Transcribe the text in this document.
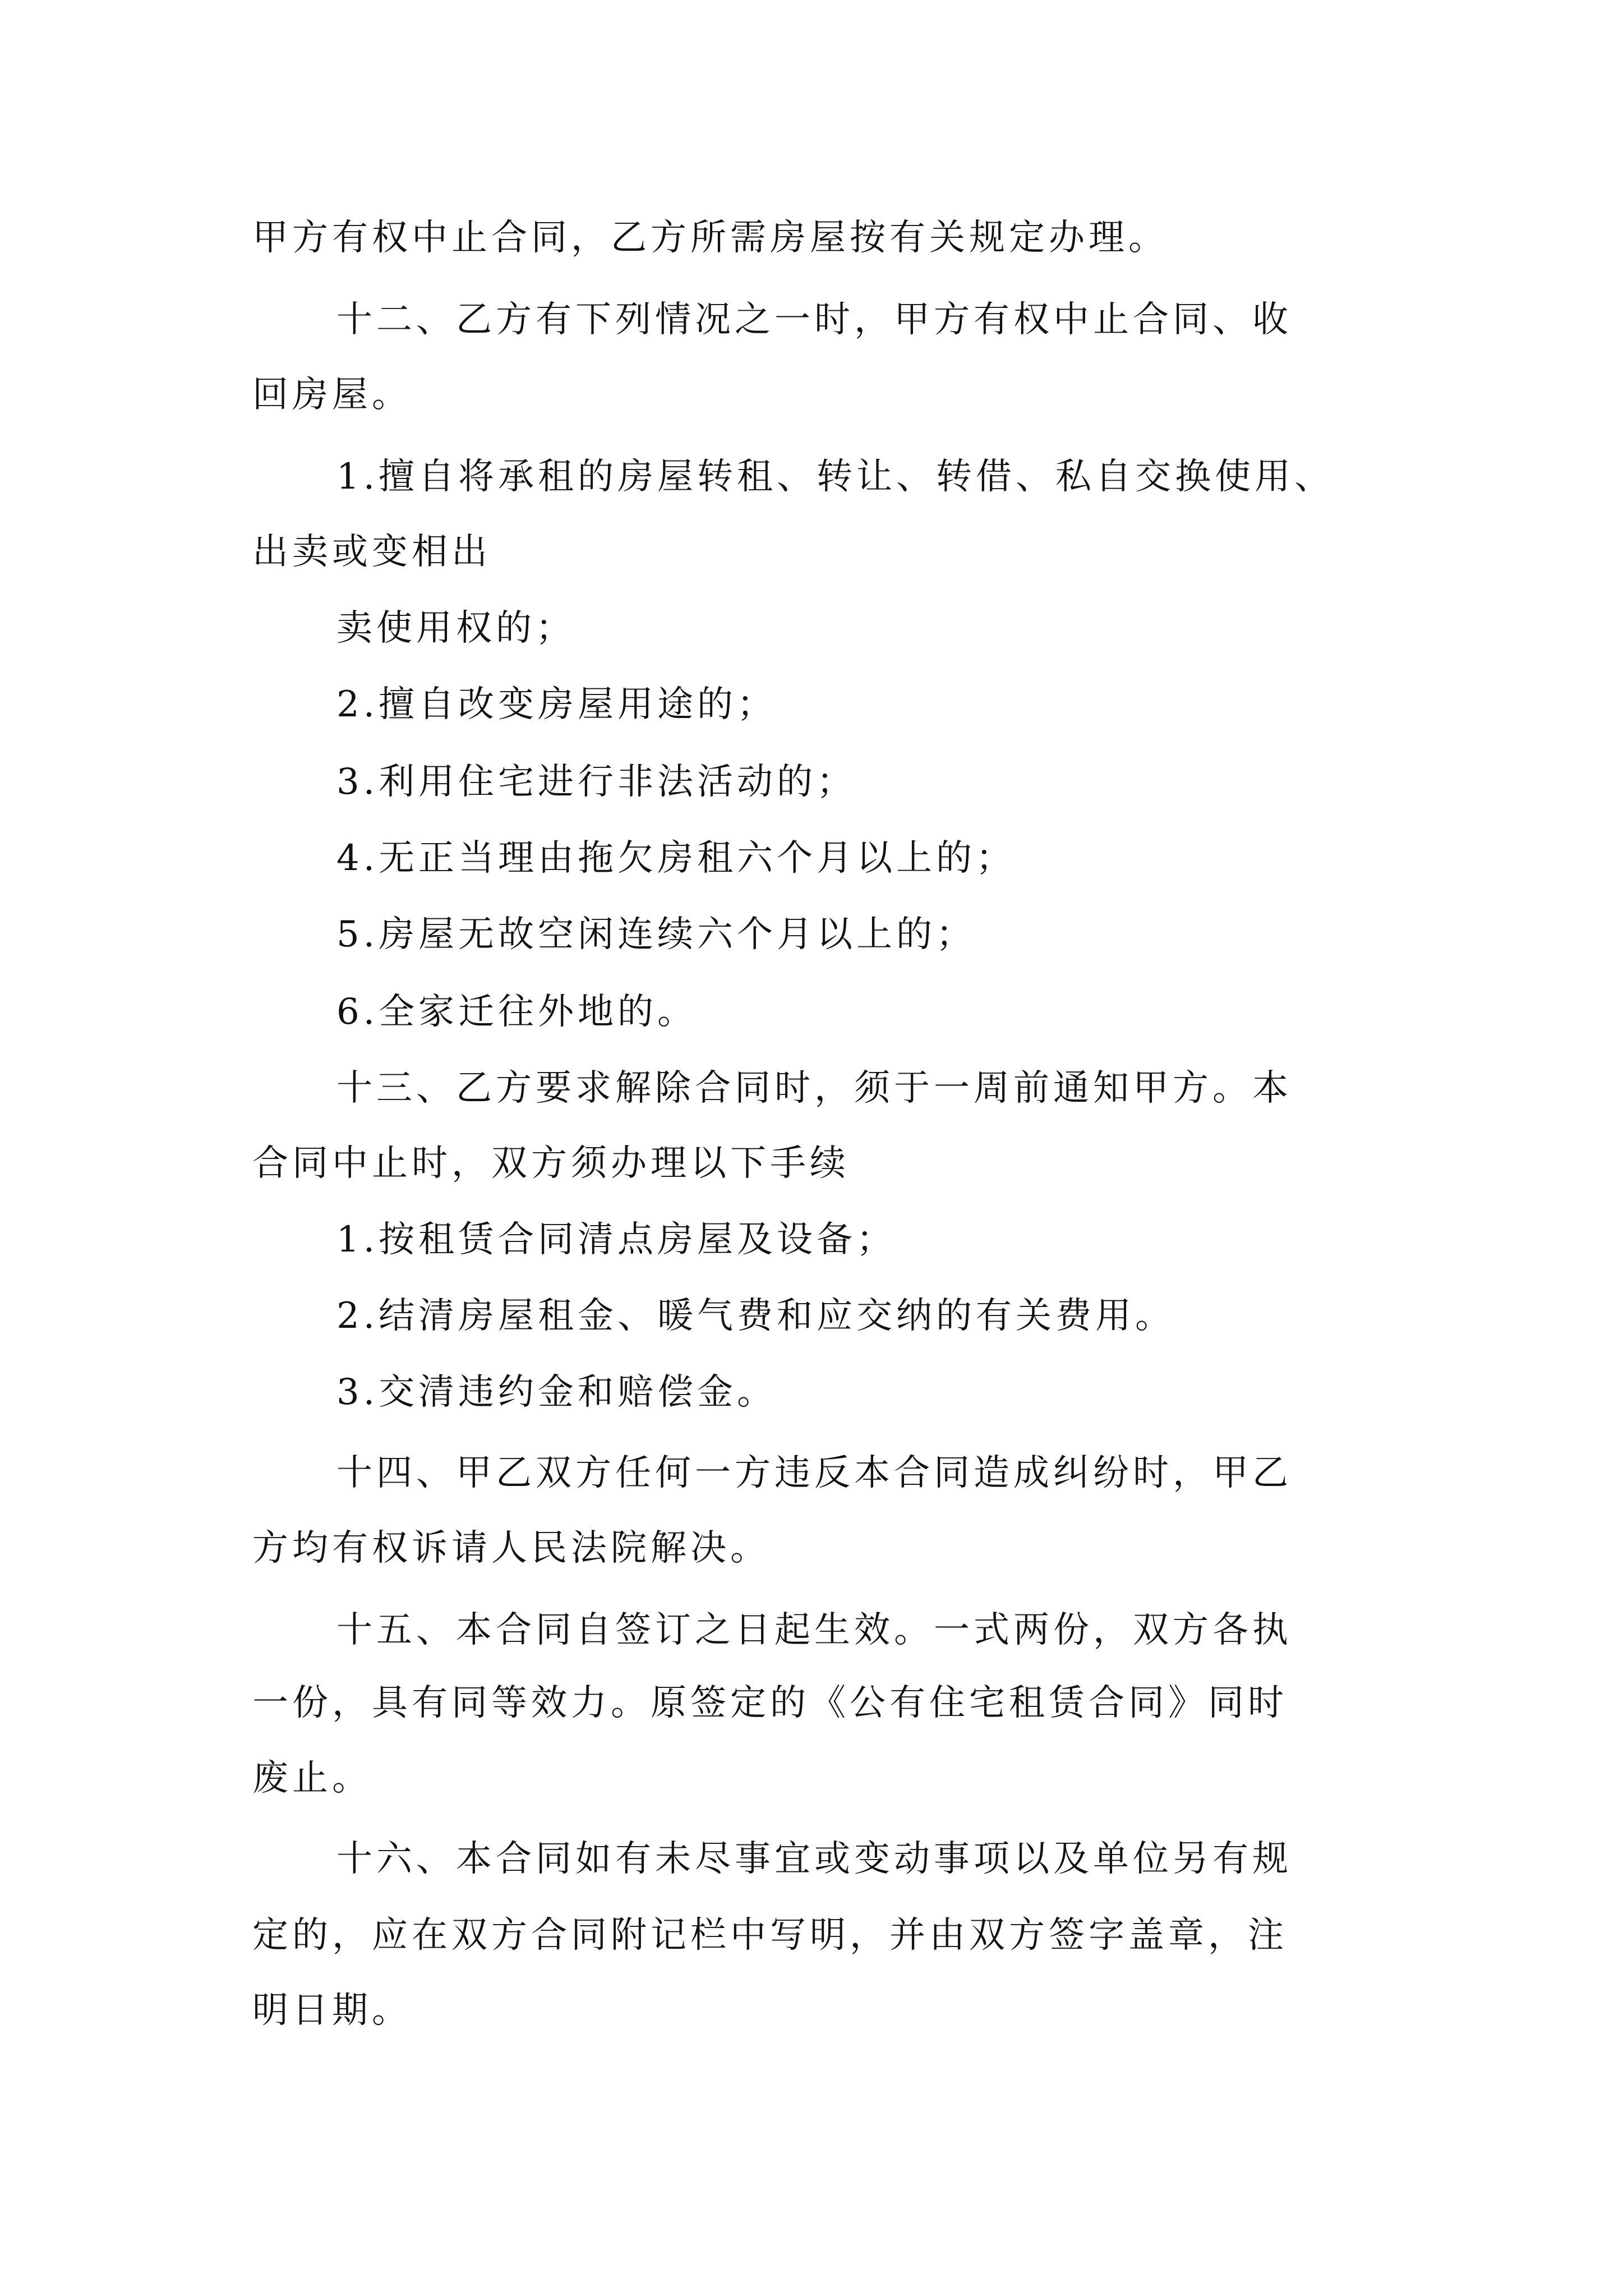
甲方有权中止合同，乙方所需房屋按有关规定办理。
十二、乙方有下列情况之一时，甲方有权中止合同、收
回房屋。
1.擅自将承租的房屋转租、转让、转借、私自交换使用、
出卖或变相出
卖使用权的；
2.擅自改变房屋用途的；
3.利用住宅进行非法活动的；
4.无正当理由拖欠房租六个月以上的；
5.房屋无故空闲连续六个月以上的；
6.全家迁往外地的。
十三、乙方要求解除合同时，须于一周前通知甲方。本
合同中止时，双方须办理以下手续
1.按租赁合同清点房屋及设备；
2.结清房屋租金、暖气费和应交纳的有关费用。
3.交清违约金和赔偿金。
十四、甲乙双方任何一方违反本合同造成纠纷时，甲乙
方均有权诉请人民法院解决。
十五、本合同自签订之日起生效。一式两份，双方各执
一份，具有同等效力。原签定的《公有住宅租赁合同》同时
废止。
十六、本合同如有未尽事宜或变动事项以及单位另有规
定的，应在双方合同附记栏中写明，并由双方签字盖章，注
明日期。
